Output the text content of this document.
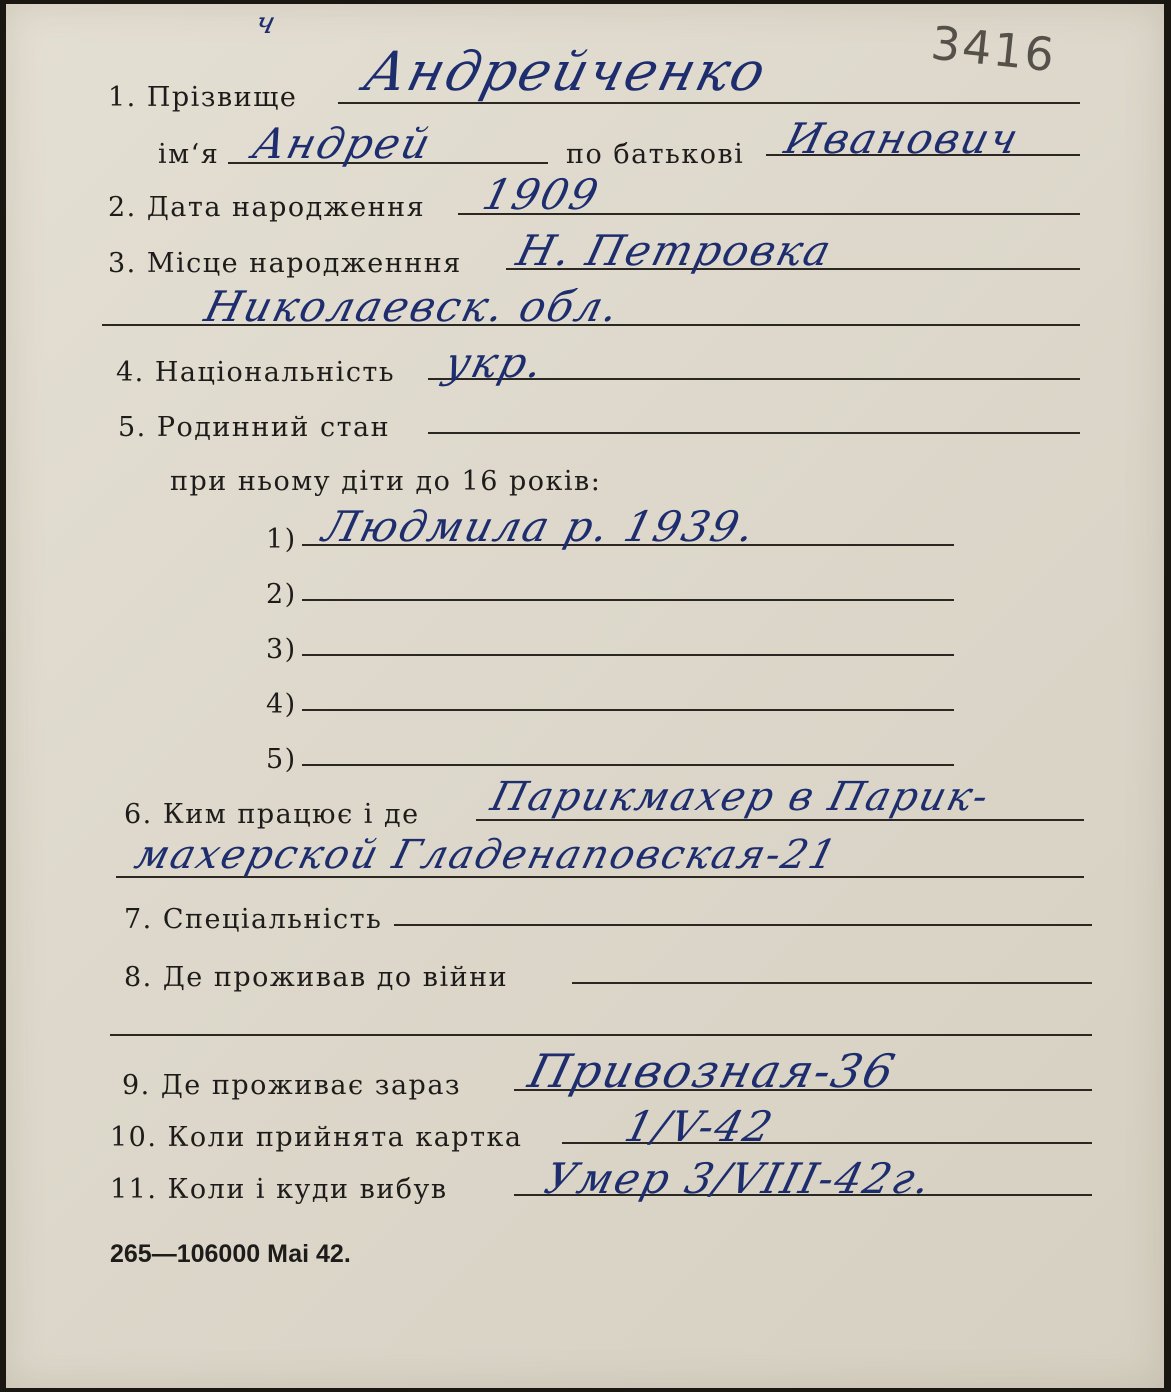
3416
ч
1. Прізвище Андрейченко
імʻя Андрей	по батькові Иванович
2. Дата народження 1909
3. Місце народженння Н. Петровка
Николаевск. обл.
4. Національність укр.
5. Родинний стан
при ньому діти до 16 років:
1) Людмила р. 1939.
2)
3)
4)
5)
6. Ким працює і де Парикмахер в Парик-
махерской Гладенаповская-21
7. Спеціальність
8. Де проживав до війни
9. Де проживає зараз Привозная-36
10. Коли прийнята картка 1/V-42
11. Коли і куди вибув Умер 3/VIII-42г.
265—106000 Маі 42.
